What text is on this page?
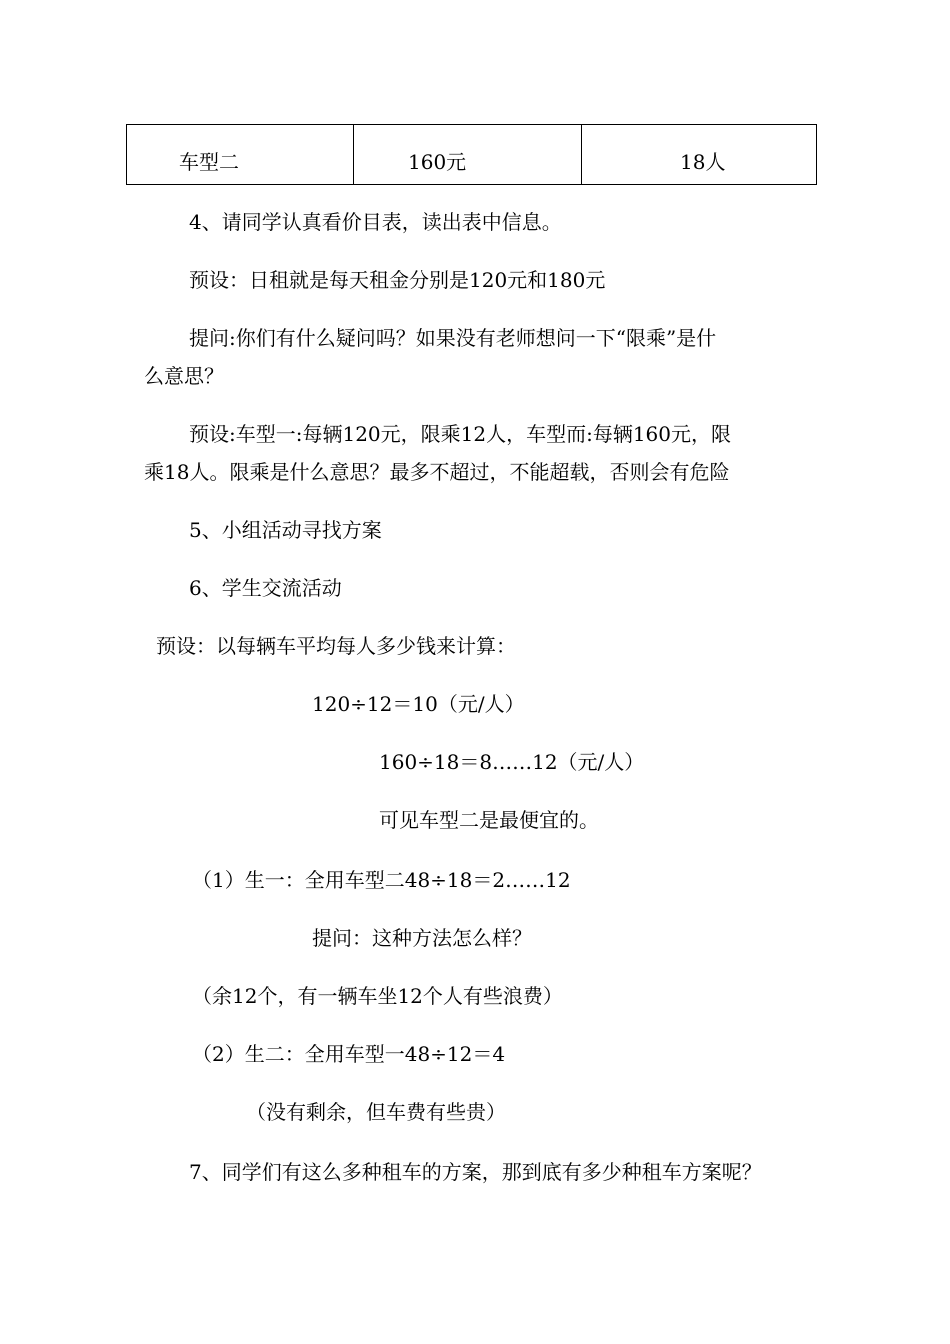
车型二	160元	18人
4、请同学认真看价目表，读出表中信息。
预设：日租就是每天租金分别是120元和180元
提问:你们有什么疑问吗？如果没有老师想问一下“限乘”是什
么意思？
预设:车型一:每辆120元，限乘12人，车型而:每辆160元，限
乘18人。限乘是什么意思？最多不超过，不能超载，否则会有危险
5、小组活动寻找方案
6、学生交流活动
预设：以每辆车平均每人多少钱来计算：
120÷12＝10（元/人）
160÷18＝8……12（元/人）
可见车型二是最便宜的。
（1）生一：全用车型二48÷18＝2……12
提问：这种方法怎么样？
（余12个，有一辆车坐12个人有些浪费）
（2）生二：全用车型一48÷12＝4
（没有剩余，但车费有些贵）
7、同学们有这么多种租车的方案，那到底有多少种租车方案呢？
